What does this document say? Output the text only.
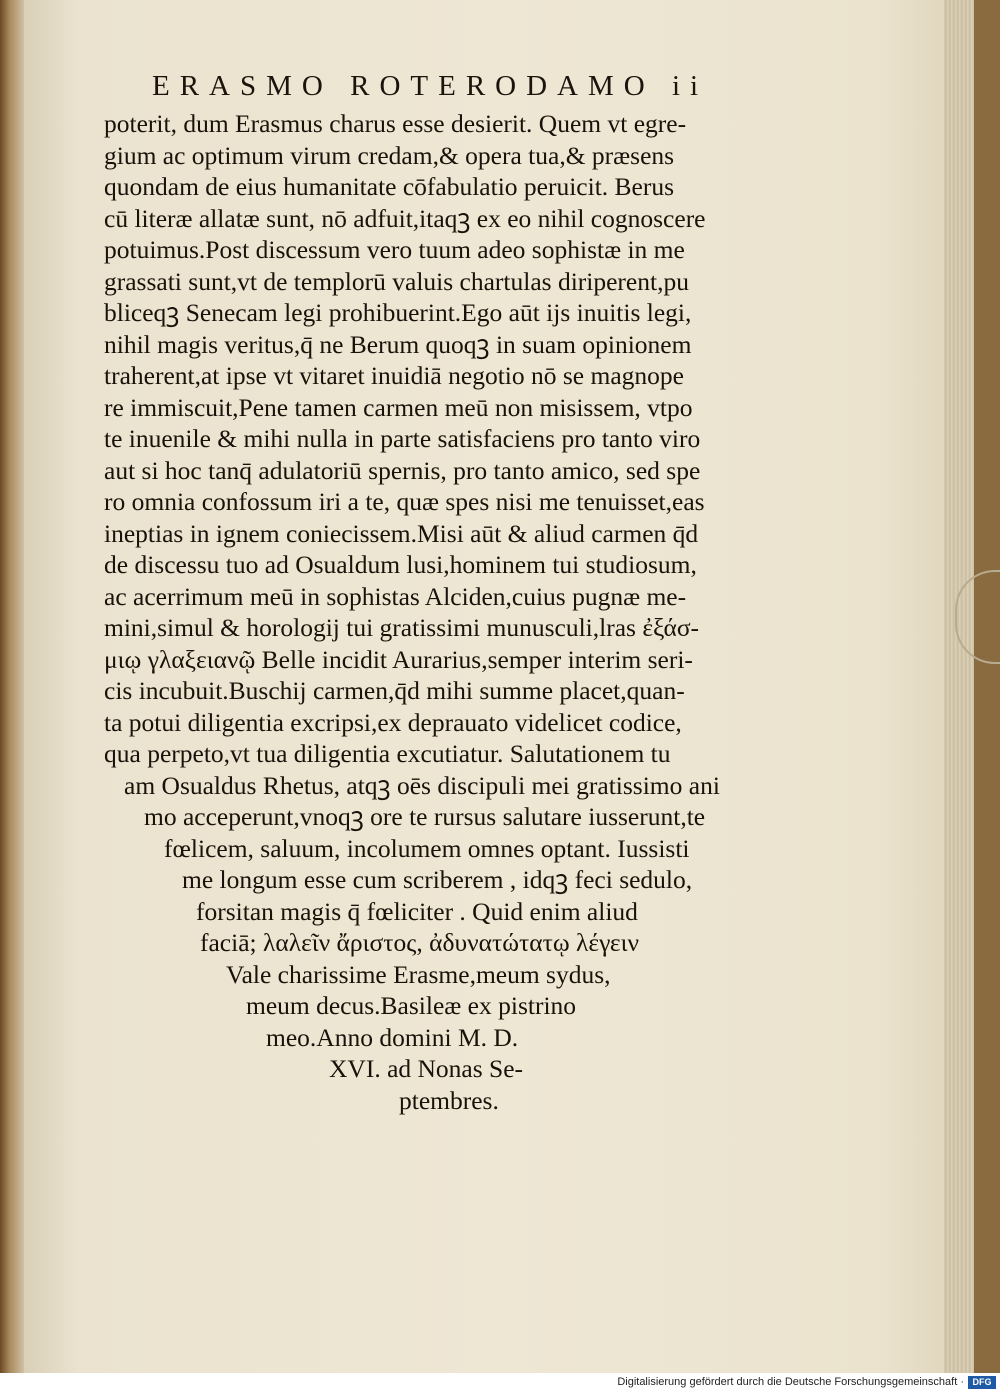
ERASMO ROTERODAMO ii
poterit, dum Erasmus charus esse desierit. Quem vt egre-
gium ac optimum virum credam,& opera tua,& præsens
quondam de eius humanitate cōfabulatio peruicit. Berus
cū literæ allatæ sunt, nō adfuit,itaqꝫ ex eo nihil cognoscere
potuimus.Post discessum vero tuum adeo sophistæ in me
grassati sunt,vt de templorū valuis chartulas diriperent,pu
bliceqꝫ Senecam legi prohibuerint.Ego aūt ijs inuitis legi,
nihil magis veritus,q̄ ne Berum quoqꝫ in suam opinionem
traherent,at ipse vt vitaret inuidiā negotio nō se magnope
re immiscuit,Pene tamen carmen meū non misissem, vtpo
te inuenile & mihi nulla in parte satisfaciens pro tanto viro
aut si hoc tanq̄ adulatoriū spernis, pro tanto amico, sed spe
ro omnia confossum iri a te, quæ spes nisi me tenuisset,eas
ineptias in ignem coniecissem.Misi aūt & aliud carmen q̄d
de discessu tuo ad Osualdum lusi,hominem tui studiosum,
ac acerrimum meū in sophistas Alciden,cuius pugnæ me-
mini,simul & horologij tui gratissimi munusculi,lras ἐξάσ-
μιῳ γλαξειανῷ Belle incidit Aurarius,semper interim seri-
cis incubuit.Buschij carmen,q̄d mihi summe placet,quan-
ta potui diligentia excripsi,ex deprauato videlicet codice,
qua perpeto,vt tua diligentia excutiatur. Salutationem tu
am Osualdus Rhetus, atqꝫ oēs discipuli mei gratissimo ani
mo acceperunt,vnoqꝫ ore te rursus salutare iusserunt,te
fœlicem, saluum, incolumem omnes optant. Iussisti
me longum esse cum scriberem , idqꝫ feci sedulo,
forsitan magis q̄ fœliciter . Quid enim aliud
faciā; λαλεῖν ἄριστος, ἀδυνατώτατῳ λέγειν
Vale charissime Erasme,meum sydus,
meum decus.Basileæ ex pistrino
meo.Anno domini M. D.
XVI. ad Nonas Se-
ptembres.
Digitalisierung gefördert durch die Deutsche Forschungsgemeinschaft · DFG
